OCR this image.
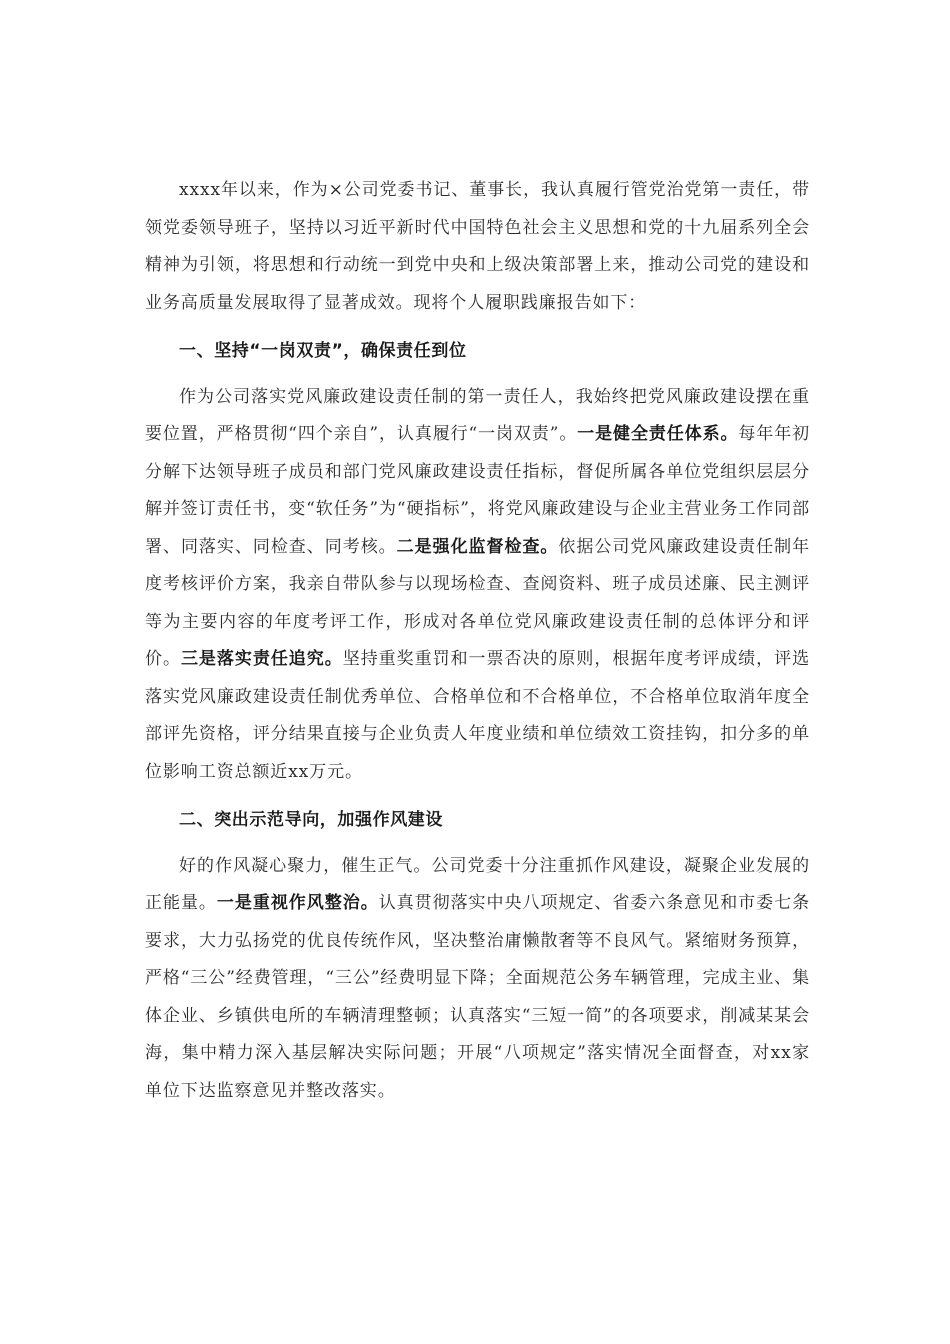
xxxx年以来，作为×公司党委书记、董事长，我认真履行管党治党第一责任，带领党委领导班子，坚持以习近平新时代中国特色社会主义思想和党的十九届系列全会精神为引领，将思想和行动统一到党中央和上级决策部署上来，推动公司党的建设和业务高质量发展取得了显著成效。现将个人履职践廉报告如下：

一、坚持“一岗双责”，确保责任到位

作为公司落实党风廉政建设责任制的第一责任人，我始终把党风廉政建设摆在重要位置，严格贯彻“四个亲自”，认真履行“一岗双责”。一是健全责任体系。每年年初分解下达领导班子成员和部门党风廉政建设责任指标，督促所属各单位党组织层层分解并签订责任书，变“软任务”为“硬指标”，将党风廉政建设与企业主营业务工作同部署、同落实、同检查、同考核。二是强化监督检查。依据公司党风廉政建设责任制年度考核评价方案，我亲自带队参与以现场检查、查阅资料、班子成员述廉、民主测评等为主要内容的年度考评工作，形成对各单位党风廉政建设责任制的总体评分和评价。三是落实责任追究。坚持重奖重罚和一票否决的原则，根据年度考评成绩，评选落实党风廉政建设责任制优秀单位、合格单位和不合格单位，不合格单位取消年度全部评先资格，评分结果直接与企业负责人年度业绩和单位绩效工资挂钩，扣分多的单位影响工资总额近xx万元。

二、突出示范导向，加强作风建设

好的作风凝心聚力，催生正气。公司党委十分注重抓作风建设，凝聚企业发展的正能量。一是重视作风整治。认真贯彻落实中央八项规定、省委六条意见和市委七条要求，大力弘扬党的优良传统作风，坚决整治庸懒散奢等不良风气。紧缩财务预算，严格“三公”经费管理，“三公”经费明显下降；全面规范公务车辆管理，完成主业、集体企业、乡镇供电所的车辆清理整顿；认真落实“三短一简”的各项要求，削减某某会海，集中精力深入基层解决实际问题；开展“八项规定”落实情况全面督查，对xx家单位下达监察意见并整改落实。
